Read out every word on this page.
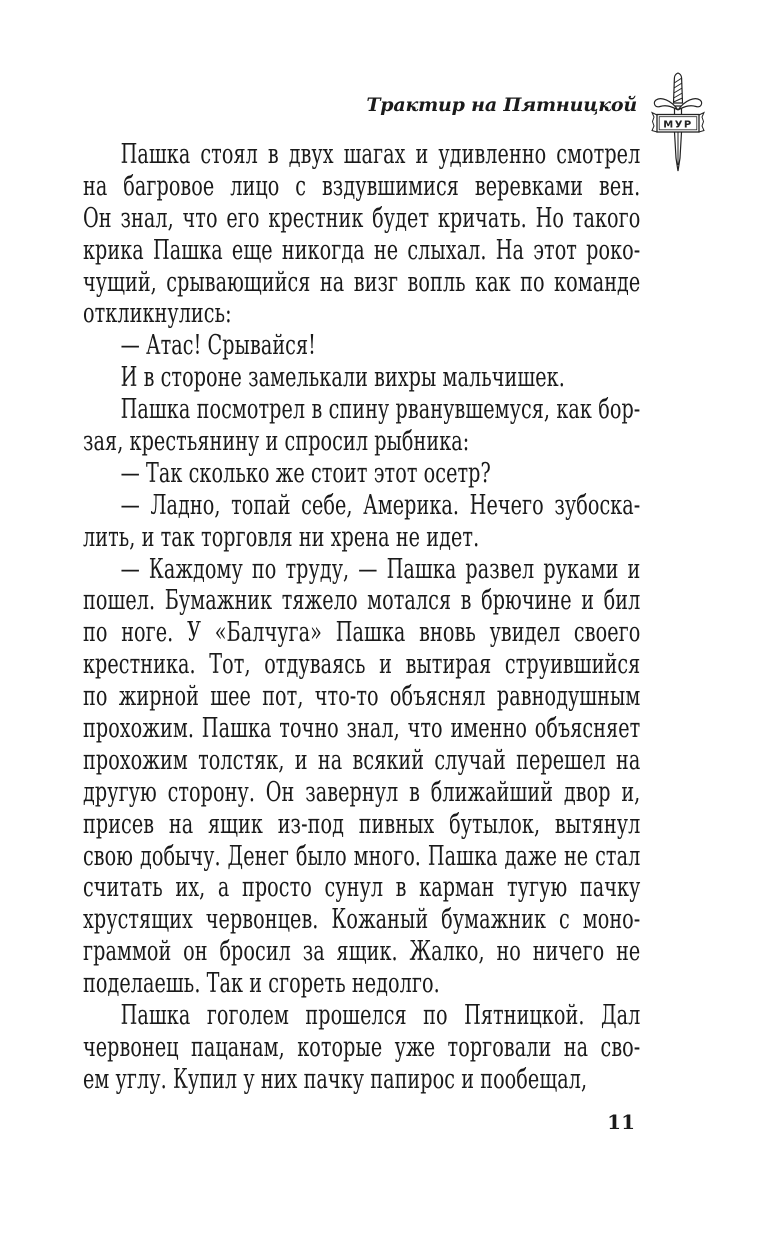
Трактир на Пятницкой
МУР
Пашка стоял в двух шагах и удивленно смотрел
на багровое лицо с вздувшимися веревками вен.
Он знал, что его крестник будет кричать. Но такого
крика Пашка еще никогда не слыхал. На этот роко-
чущий, срывающийся на визг вопль как по команде
откликнулись:
— Атас! Срывайся!
И в стороне замелькали вихры мальчишек.
Пашка посмотрел в спину рванувшемуся, как бор-
зая, крестьянину и спросил рыбника:
— Так сколько же стоит этот осетр?
— Ладно, топай себе, Америка. Нечего зубоска-
лить, и так торговля ни хрена не идет.
— Каждому по труду, — Пашка развел руками и
пошел. Бумажник тяжело мотался в брючине и бил
по ноге. У «Балчуга» Пашка вновь увидел своего
крестника. Тот, отдуваясь и вытирая струившийся
по жирной шее пот, что-то объяснял равнодушным
прохожим. Пашка точно знал, что именно объясняет
прохожим толстяк, и на всякий случай перешел на
другую сторону. Он завернул в ближайший двор и,
присев на ящик из-под пивных бутылок, вытянул
свою добычу. Денег было много. Пашка даже не стал
считать их, а просто сунул в карман тугую пачку
хрустящих червонцев. Кожаный бумажник с моно-
граммой он бросил за ящик. Жалко, но ничего не
поделаешь. Так и сгореть недолго.
Пашка гоголем прошелся по Пятницкой. Дал
червонец пацанам, которые уже торговали на сво-
ем углу. Купил у них пачку папирос и пообещал,
11
